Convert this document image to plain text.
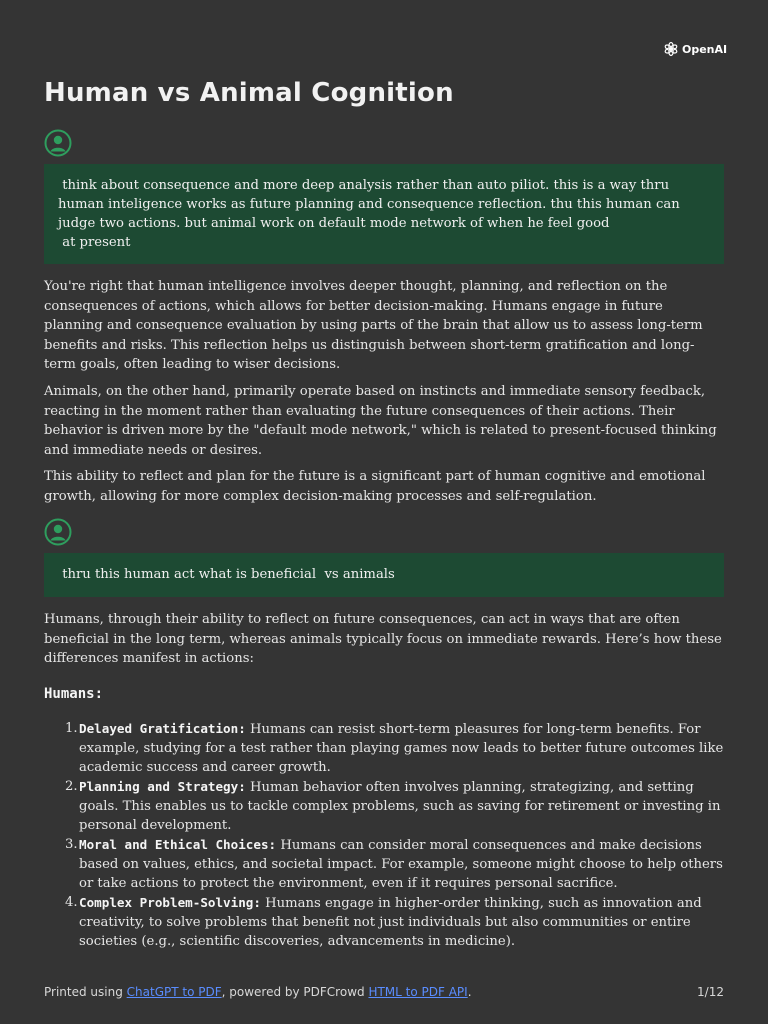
OpenAI
Human vs Animal Cognition
think about consequence and more deep analysis rather than auto piliot. this is a way thru human inteligence works as future planning and consequence reflection. thu this human can judge two actions. but animal work on default mode network of when he feel good
at present

You're right that human intelligence involves deeper thought, planning, and reflection on the consequences of actions, which allows for better decision-making. Humans engage in future planning and consequence evaluation by using parts of the brain that allow us to assess long-term benefits and risks. This reflection helps us distinguish between short-term gratification and long-term goals, often leading to wiser decisions.

Animals, on the other hand, primarily operate based on instincts and immediate sensory feedback, reacting in the moment rather than evaluating the future consequences of their actions. Their behavior is driven more by the "default mode network," which is related to present-focused thinking and immediate needs or desires.

This ability to reflect and plan for the future is a significant part of human cognitive and emotional growth, allowing for more complex decision-making processes and self-regulation.

thru this human act what is beneficial  vs animals

Humans, through their ability to reflect on future consequences, can act in ways that are often beneficial in the long term, whereas animals typically focus on immediate rewards. Here’s how these differences manifest in actions:

Humans:
1. Delayed Gratification: Humans can resist short-term pleasures for long-term benefits. For example, studying for a test rather than playing games now leads to better future outcomes like academic success and career growth.
2. Planning and Strategy: Human behavior often involves planning, strategizing, and setting goals. This enables us to tackle complex problems, such as saving for retirement or investing in personal development.
3. Moral and Ethical Choices: Humans can consider moral consequences and make decisions based on values, ethics, and societal impact. For example, someone might choose to help others or take actions to protect the environment, even if it requires personal sacrifice.
4. Complex Problem-Solving: Humans engage in higher-order thinking, such as innovation and creativity, to solve problems that benefit not just individuals but also communities or entire societies (e.g., scientific discoveries, advancements in medicine).
Printed using ChatGPT to PDF, powered by PDFCrowd HTML to PDF API.	1/12
